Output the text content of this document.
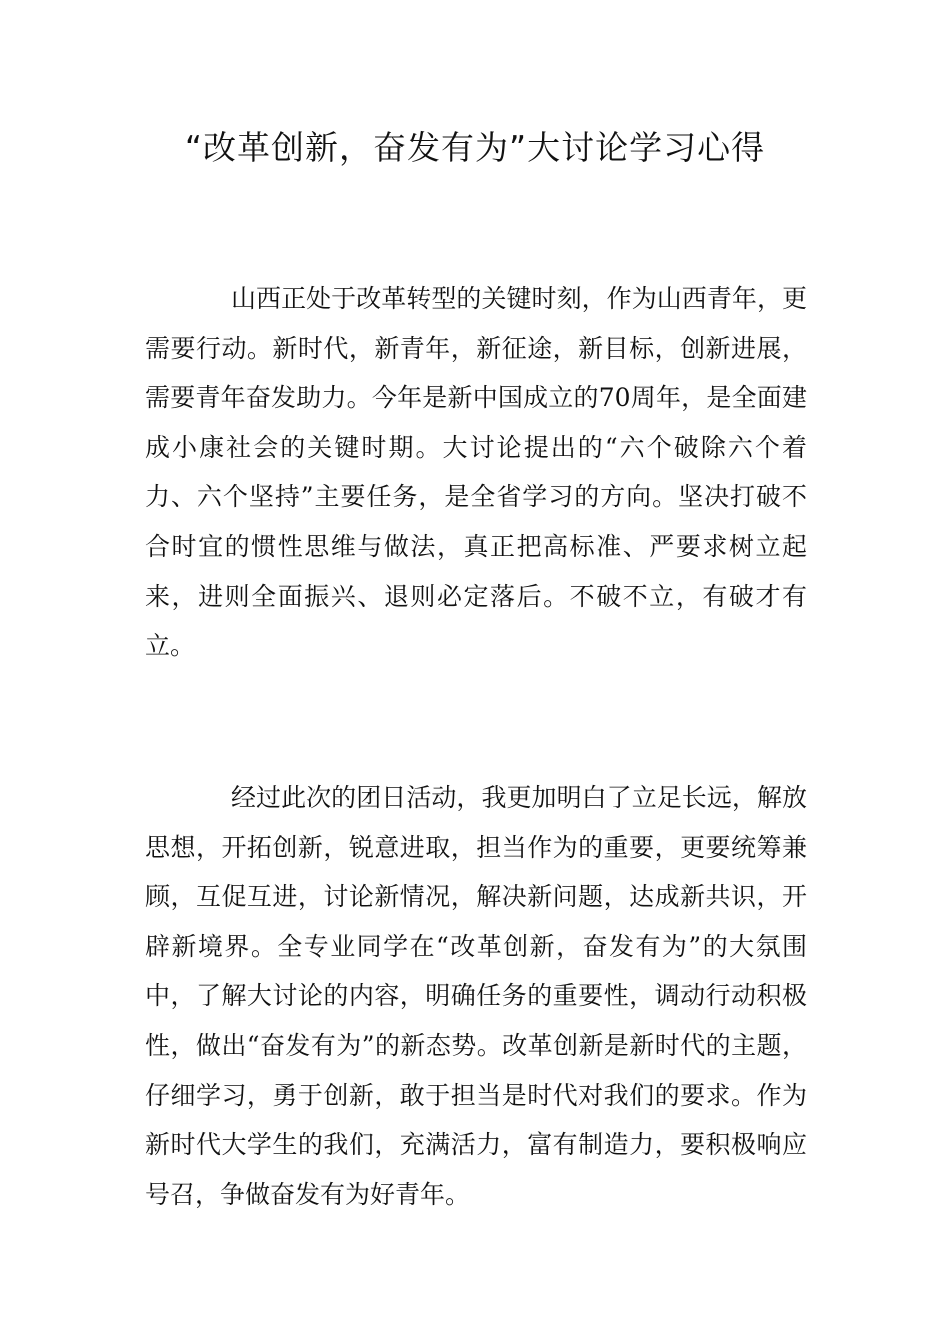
“改革创新，奋发有为”大讨论学习心得

山西正处于改革转型的关键时刻，作为山西青年，更需要行动。新时代，新青年，新征途，新目标，创新进展，需要青年奋发助力。今年是新中国成立的70周年，是全面建成小康社会的关键时期。大讨论提出的“六个破除六个着力、六个坚持”主要任务，是全省学习的方向。坚决打破不合时宜的惯性思维与做法，真正把高标准、严要求树立起来，进则全面振兴、退则必定落后。不破不立，有破才有立。

经过此次的团日活动，我更加明白了立足长远，解放思想，开拓创新，锐意进取，担当作为的重要，更要统筹兼顾，互促互进，讨论新情况，解决新问题，达成新共识，开辟新境界。全专业同学在“改革创新，奋发有为”的大氛围中，了解大讨论的内容，明确任务的重要性，调动行动积极性，做出“奋发有为”的新态势。改革创新是新时代的主题，仔细学习，勇于创新，敢于担当是时代对我们的要求。作为新时代大学生的我们，充满活力，富有制造力，要积极响应号召，争做奋发有为好青年。
